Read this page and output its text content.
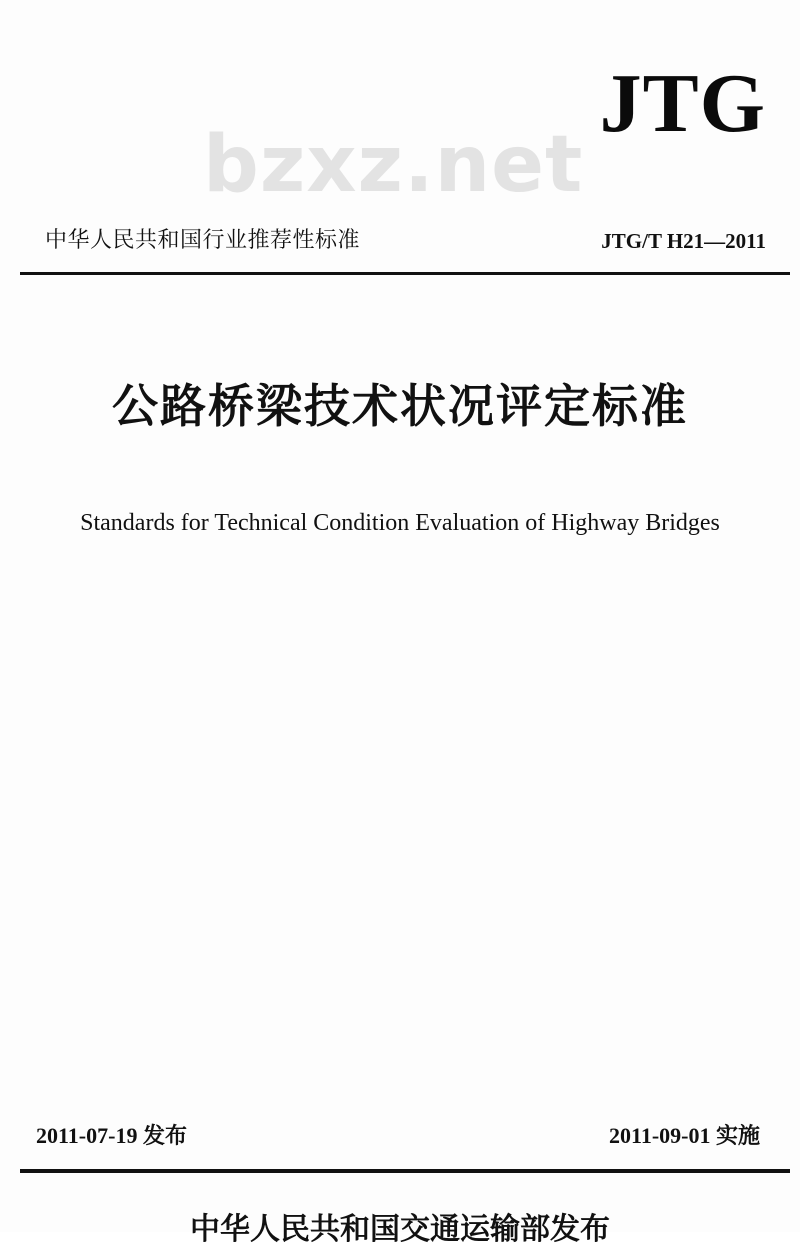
bzxz.net
JTG
中华人民共和国行业推荐性标准	JTG/T H21—2011
公路桥梁技术状况评定标准
Standards for Technical Condition Evaluation of Highway Bridges
2011-07-19 发布	2011-09-01 实施
中华人民共和国交通运输部发布
